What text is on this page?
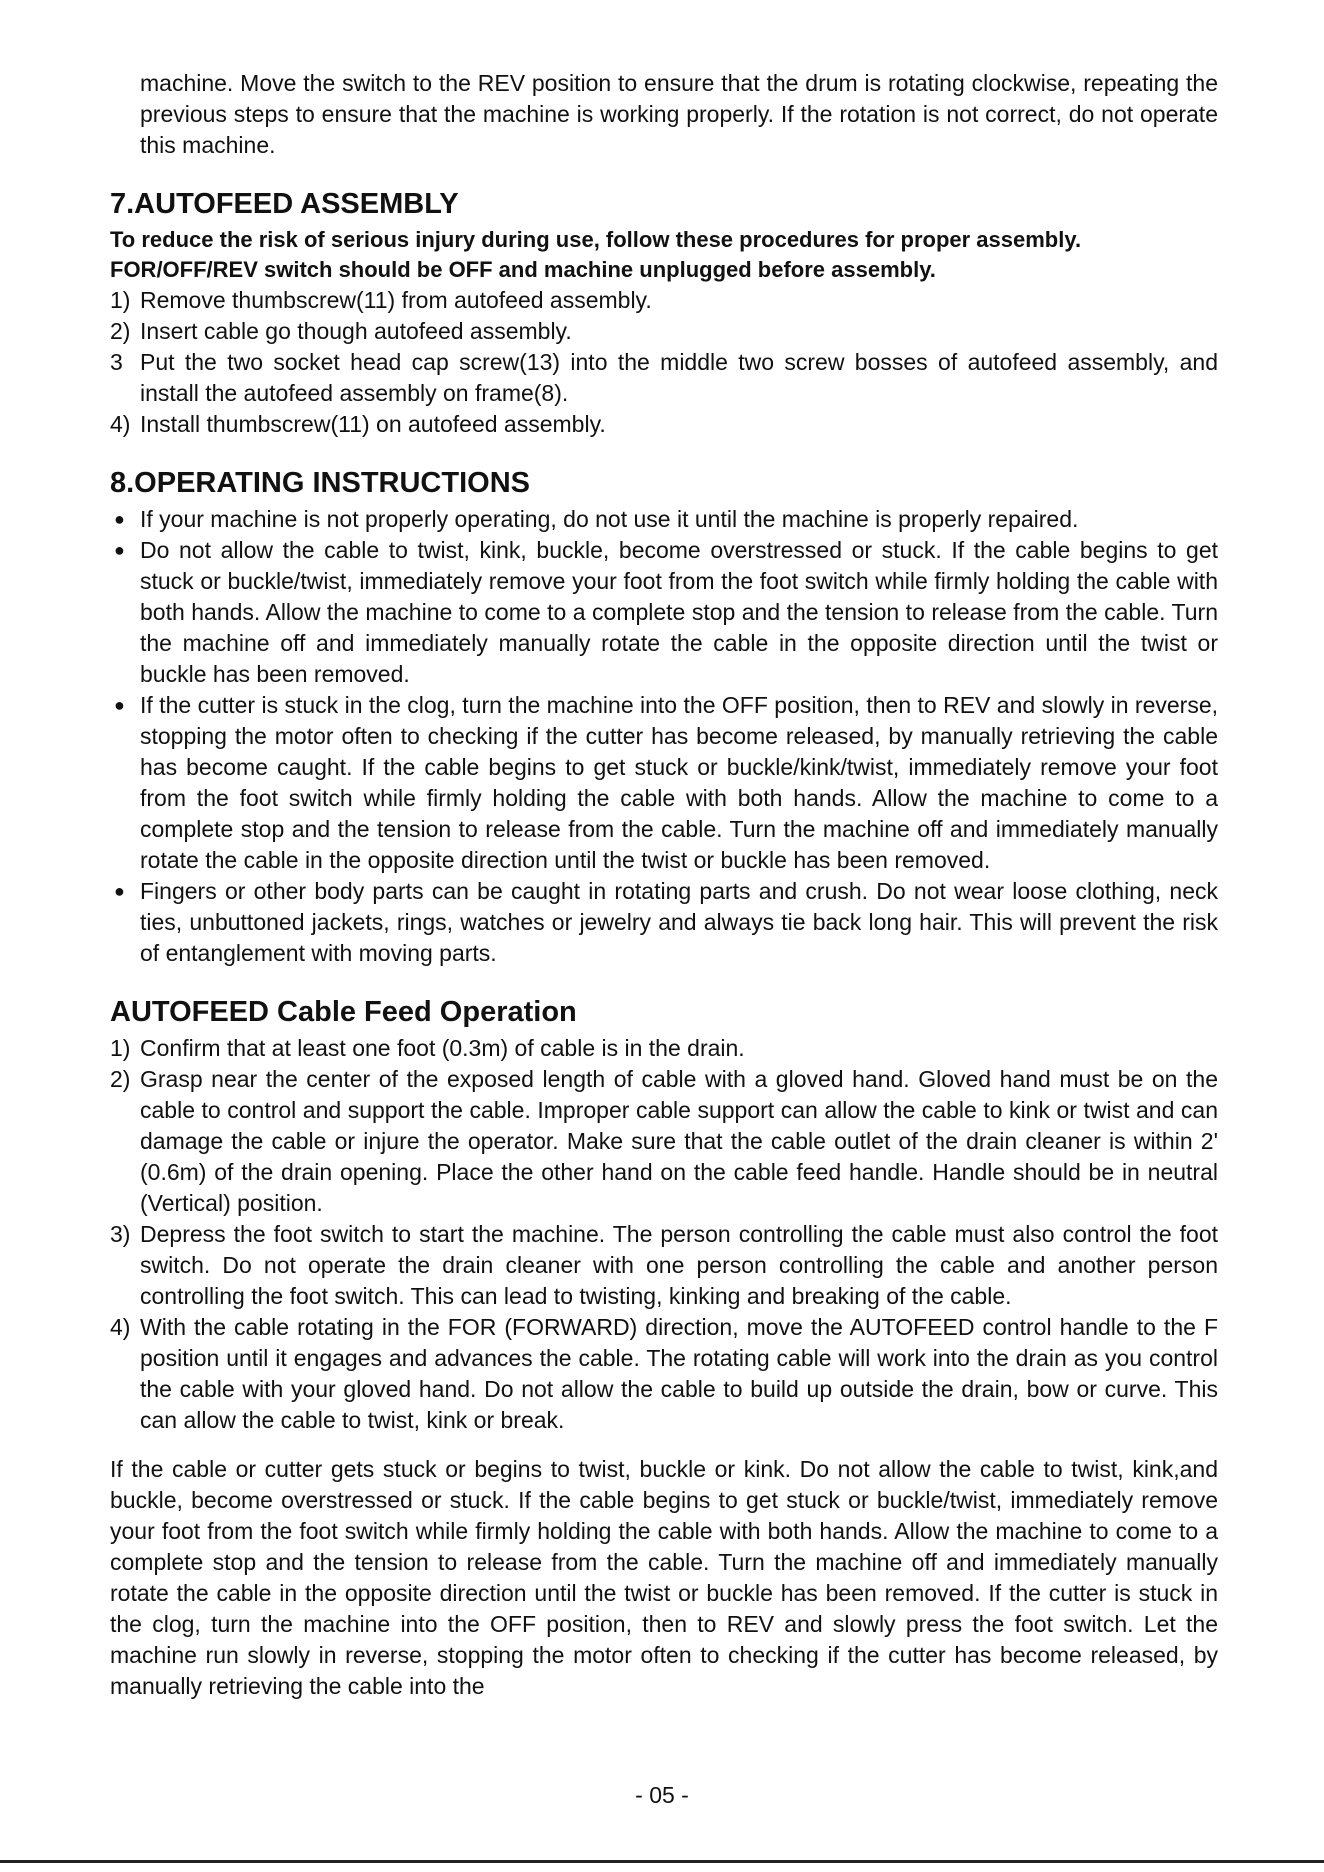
machine. Move the switch to the REV position to ensure that the drum is rotating clockwise, repeating the previous steps to ensure that the machine is working properly. If the rotation is not correct, do not operate this machine.

7.AUTOFEED ASSEMBLY

To reduce the risk of serious injury during use, follow these procedures for proper assembly.

FOR/OFF/REV switch should be OFF and machine unplugged before assembly.

1) Remove thumbscrew(11) from autofeed assembly.
2) Insert cable go though autofeed assembly.
3 Put the two socket head cap screw(13) into the middle two screw bosses of autofeed assembly, and install the autofeed assembly on frame(8).
4) Install thumbscrew(11) on autofeed assembly.
8.OPERATING INSTRUCTIONS
● If your machine is not properly operating, do not use it until the machine is properly repaired.
● Do not allow the cable to twist, kink, buckle, become overstressed or stuck. If the cable begins to get stuck or buckle/twist, immediately remove your foot from the foot switch while firmly holding the cable with both hands. Allow the machine to come to a complete stop and the tension to release from the cable. Turn the machine off and immediately manually rotate the cable in the opposite direction until the twist or buckle has been removed.
● If the cutter is stuck in the clog, turn the machine into the OFF position, then to REV and slowly in reverse, stopping the motor often to checking if the cutter has become released, by manually retrieving the cable has become caught. If the cable begins to get stuck or buckle/kink/twist, immediately remove your foot from the foot switch while firmly holding the cable with both hands. Allow the machine to come to a complete stop and the tension to release from the cable. Turn the machine off and immediately manually rotate the cable in the opposite direction until the twist or buckle has been removed.
● Fingers or other body parts can be caught in rotating parts and crush. Do not wear loose clothing, neck ties, unbuttoned jackets, rings, watches or jewelry and always tie back long hair. This will prevent the risk of entanglement with moving parts.
AUTOFEED Cable Feed Operation
1) Confirm that at least one foot (0.3m) of cable is in the drain.
2) Grasp near the center of the exposed length of cable with a gloved hand. Gloved hand must be on the cable to control and support the cable. Improper cable support can allow the cable to kink or twist and can damage the cable or injure the operator. Make sure that the cable outlet of the drain cleaner is within 2' (0.6m) of the drain opening. Place the other hand on the cable feed handle. Handle should be in neutral (Vertical) position.
3) Depress the foot switch to start the machine. The person controlling the cable must also control the foot switch. Do not operate the drain cleaner with one person controlling the cable and another person controlling the foot switch. This can lead to twisting, kinking and breaking of the cable.
4) With the cable rotating in the FOR (FORWARD) direction, move the AUTOFEED control handle to the F position until it engages and advances the cable. The rotating cable will work into the drain as you control the cable with your gloved hand. Do not allow the cable to build up outside the drain, bow or curve. This can allow the cable to twist, kink or break.

If the cable or cutter gets stuck or begins to twist, buckle or kink. Do not allow the cable to twist, kink,and buckle, become overstressed or stuck. If the cable begins to get stuck or buckle/twist, immediately remove your foot from the foot switch while firmly holding the cable with both hands. Allow the machine to come to a complete stop and the tension to release from the cable. Turn the machine off and immediately manually rotate the cable in the opposite direction until the twist or buckle has been removed. If the cutter is stuck in the clog, turn the machine into the OFF position, then to REV and slowly press the foot switch. Let the machine run slowly in reverse, stopping the motor often to checking if the cutter has become released, by manually retrieving the cable into the

- 05 -
